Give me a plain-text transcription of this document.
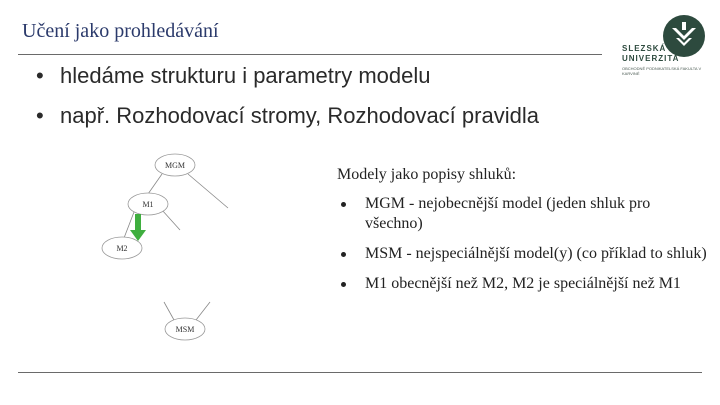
Učení jako prohledávání
SLEZSKÁ
UNIVERZITA
OBCHODNĚ PODNIKATELSKÁ FAKULTA V KARVINÉ
• hledáme strukturu i parametry modelu
• např. Rozhodovací stromy, Rozhodovací pravidla
MGM
M1
M2
MSM
Modely jako popisy shluků:
MGM - nejobecnější model (jeden shluk pro všechno)
MSM - nejspeciálnější model(y) (co příklad to shluk)
M1 obecnější než M2, M2 je speciálnější než M1
